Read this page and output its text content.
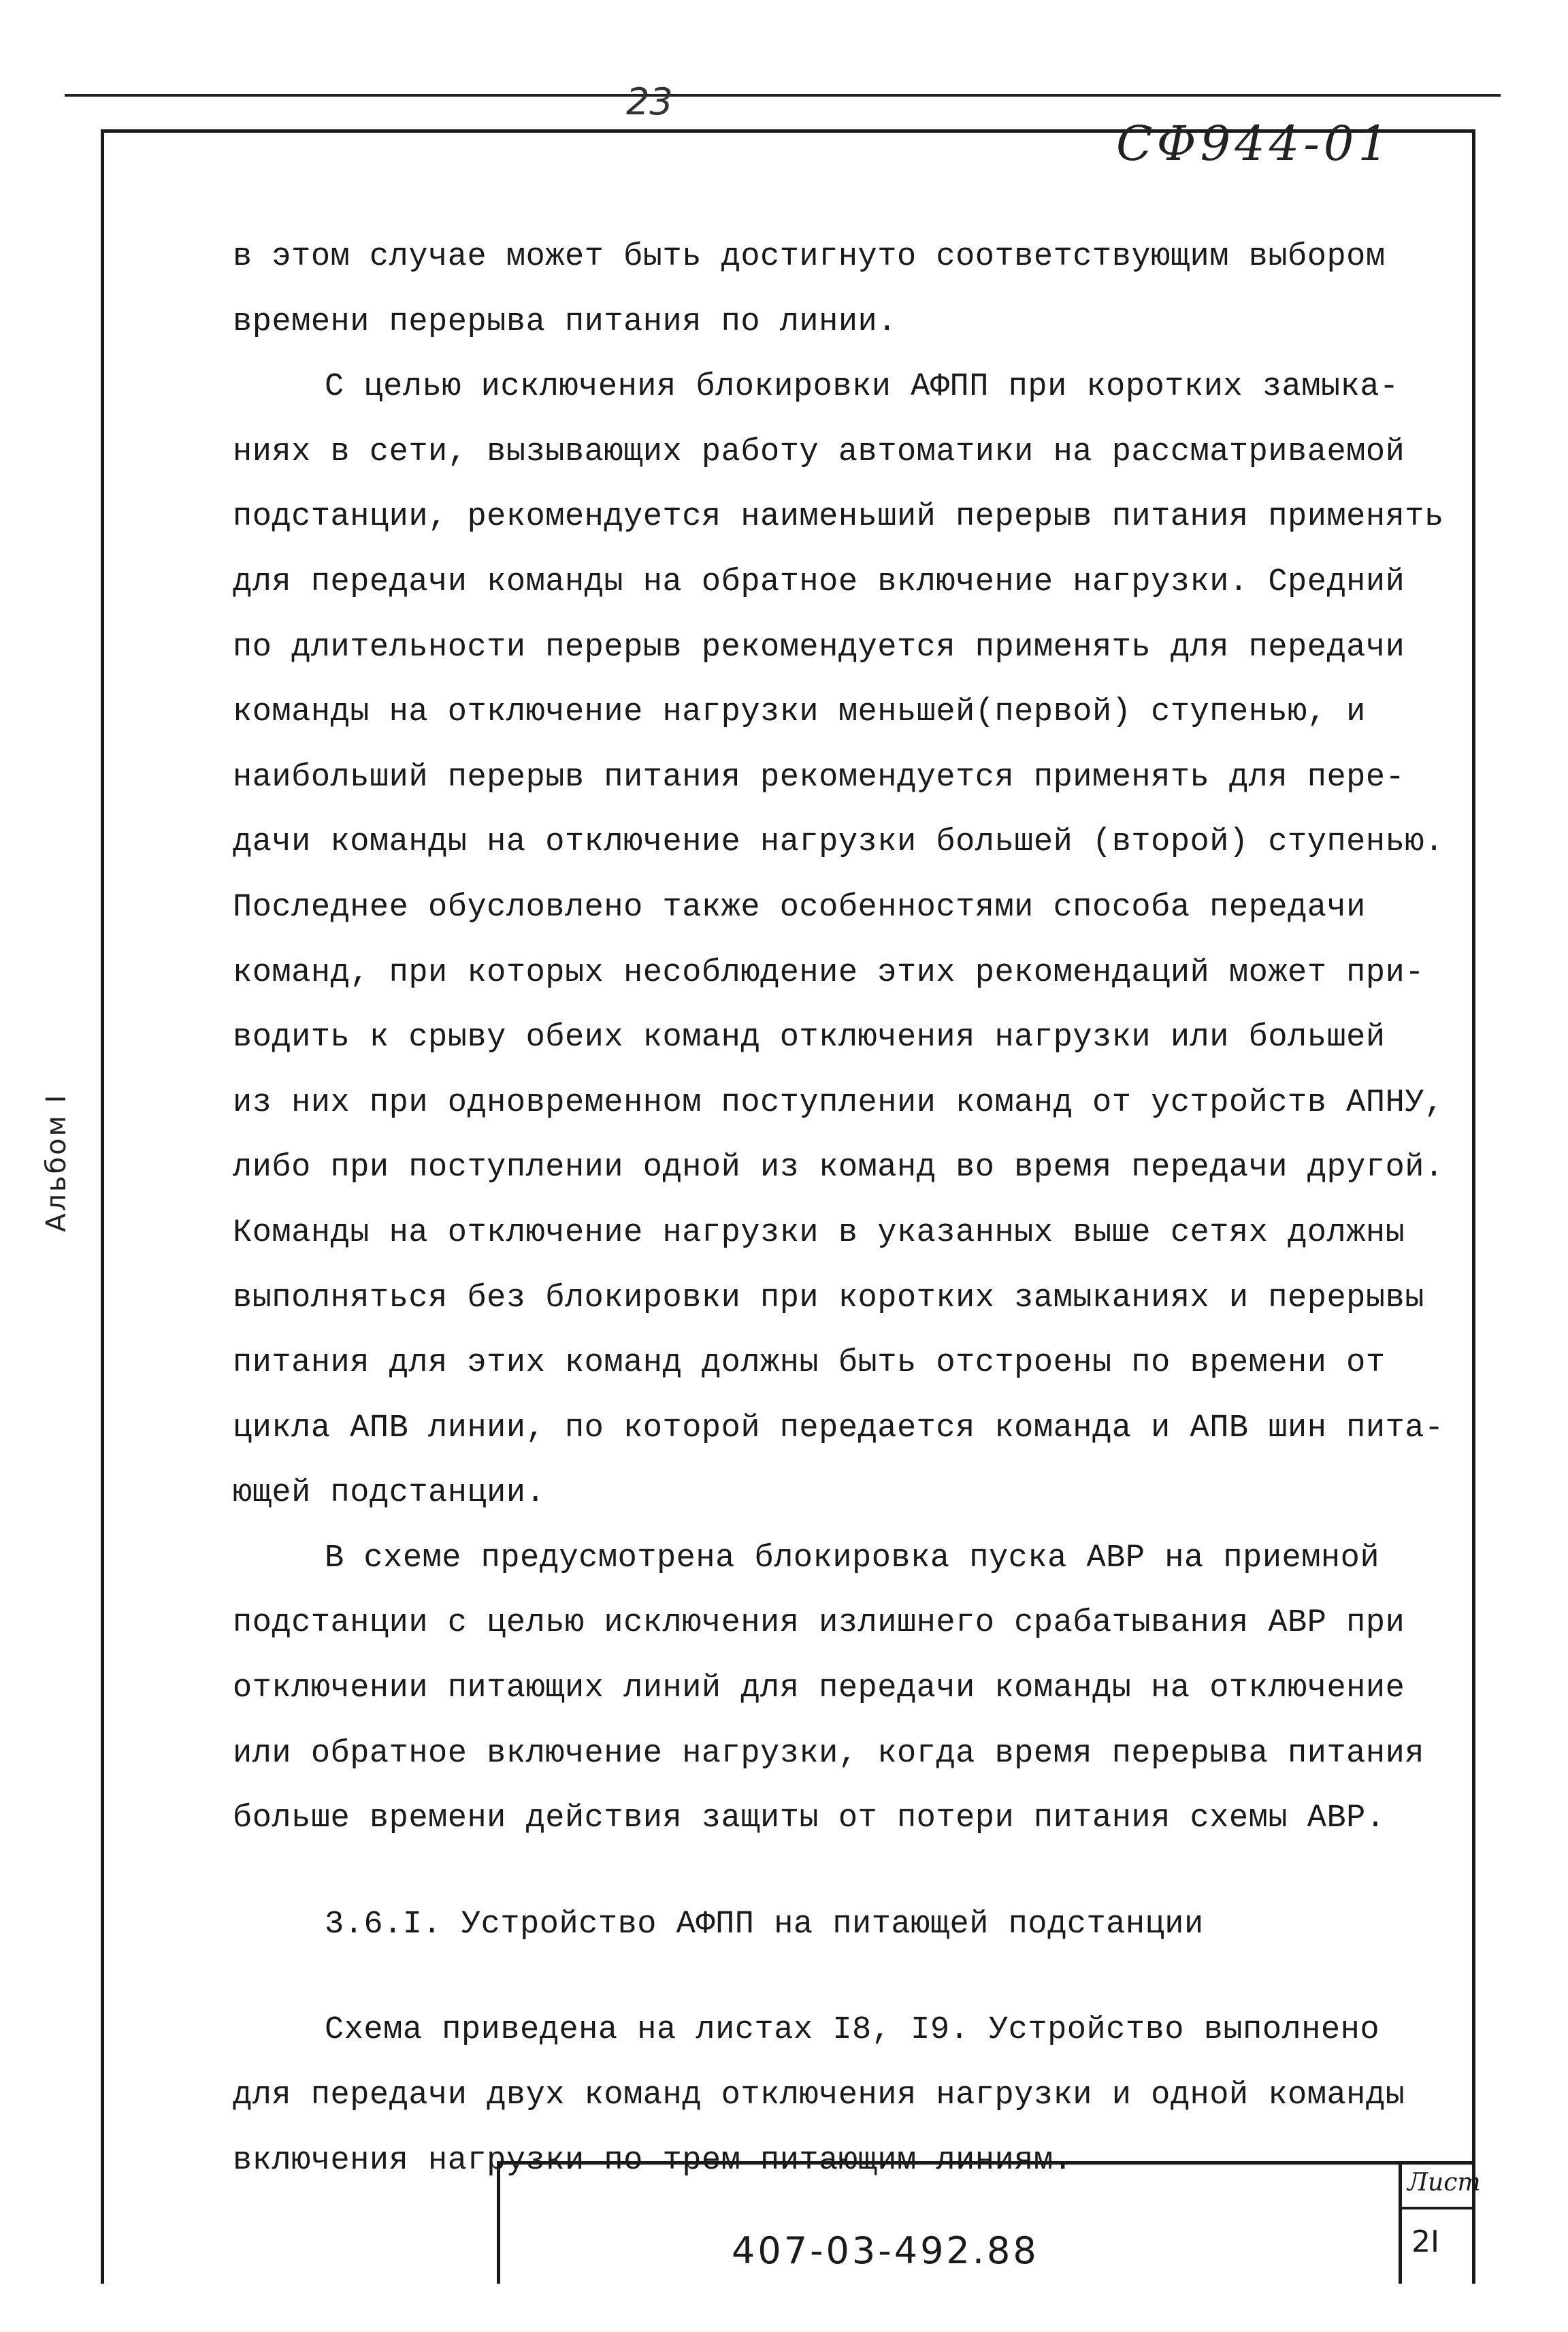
23
СФ944-01
Альбом I
в этом случае может быть достигнуто соответствующим выбором
времени перерыва питания по линии.
С целью исключения блокировки АФПП при коротких замыка-
ниях в сети, вызывающих работу автоматики на рассматриваемой
подстанции, рекомендуется наименьший перерыв питания применять
для передачи команды на обратное включение нагрузки. Средний
по длительности перерыв рекомендуется применять для передачи
команды на отключение нагрузки меньшей(первой) ступенью, и
наибольший перерыв питания рекомендуется применять для пере-
дачи команды на отключение нагрузки большей (второй) ступенью.
Последнее обусловлено также особенностями способа передачи
команд, при которых несоблюдение этих рекомендаций может при-
водить к срыву обеих команд отключения нагрузки или большей
из них при одновременном поступлении команд от устройств АПНУ,
либо при поступлении одной из команд во время передачи другой.
Команды на отключение нагрузки в указанных выше сетях должны
выполняться без блокировки при коротких замыканиях и перерывы
питания для этих команд должны быть отстроены по времени от
цикла АПВ линии, по которой передается команда и АПВ шин пита-
ющей подстанции.
В схеме предусмотрена блокировка пуска АВР на приемной
подстанции с целью исключения излишнего срабатывания АВР при
отключении питающих линий для передачи команды на отключение
или обратное включение нагрузки, когда время перерыва питания
больше времени действия защиты от потери питания схемы АВР.
3.6.I. Устройство АФПП на питающей подстанции
Схема приведена на листах I8, I9. Устройство выполнено
для передачи двух команд отключения нагрузки и одной команды
включения нагрузки по трем питающим линиям.
407-03-492.88
Лист
2I
